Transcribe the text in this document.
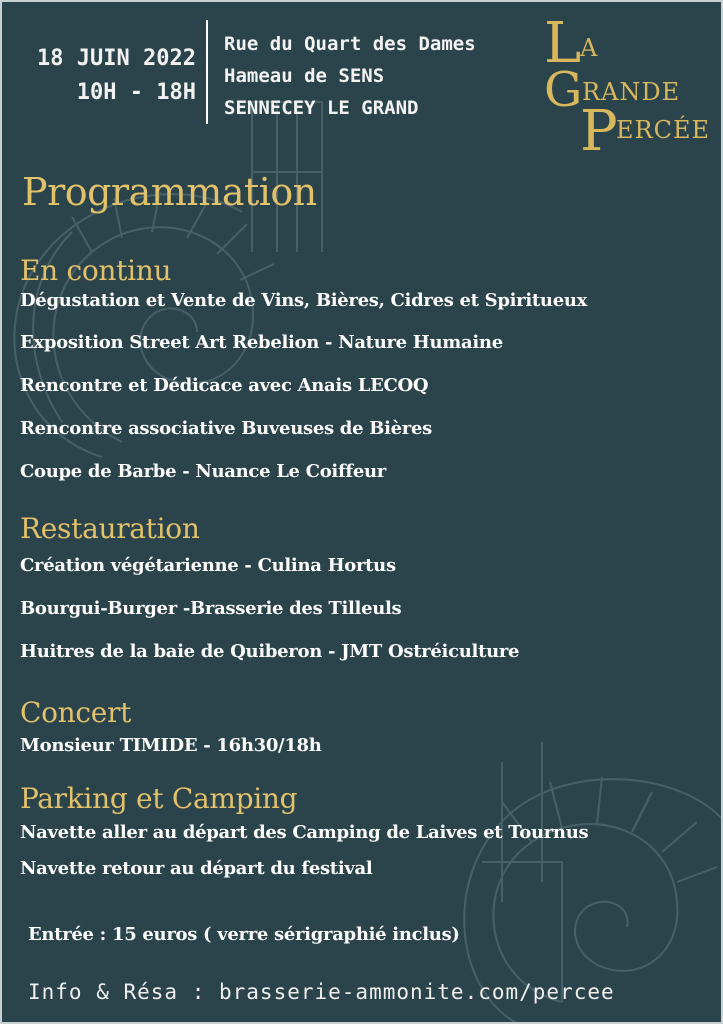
18 JUIN 2022
10H - 18H
Rue du Quart des Dames
Hameau de SENS
SENNECEY LE GRAND
L
A
G RANDE
P
ERCÉE
Programmation
En continu
Dégustation et Vente de Vins, Bières, Cidres et Spiritueux
Exposition Street Art Rebelion - Nature Humaine
Rencontre et Dédicace avec Anais LECOQ
Rencontre associative Buveuses de Bières
Coupe de Barbe - Nuance Le Coiffeur
Restauration
Création végétarienne - Culina Hortus
Bourgui-Burger -Brasserie des Tilleuls
Huitres de la baie de Quiberon - JMT Ostréiculture
Concert
Monsieur TIMIDE - 16h30/18h
Parking et Camping
Navette aller au départ des Camping de Laives et Tournus
Navette retour au départ du festival
Entrée : 15 euros ( verre sérigraphié inclus)
Info & Résa : brasserie-ammonite.com/percee
